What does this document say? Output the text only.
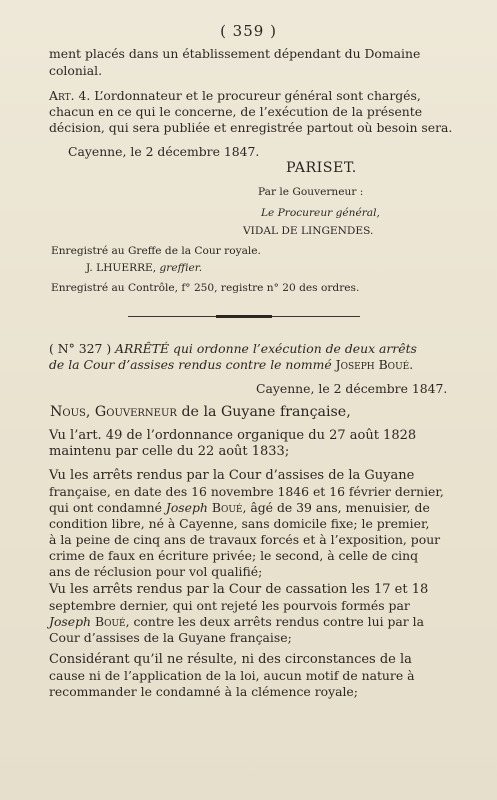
( 359 )
ment placés dans un établissement dépendant du Domaine
colonial.
Art. 4. L’ordonnateur et le procureur général sont chargés,
chacun en ce qui le concerne, de l’exécution de la présente
décision, qui sera publiée et enregistrée partout où besoin sera.
Cayenne, le 2 décembre 1847.
PARISET.
Par le Gouverneur :
Le Procureur général,
VIDAL DE LINGENDES.
Enregistré au Greffe de la Cour royale.
J. LHUERRE, greffier.
Enregistré au Contrôle, f° 250, registre n° 20 des ordres.
( N° 327 ) ARRÊTÉ qui ordonne l’exécution de deux arrêts
de la Cour d’assises rendus contre le nommé Joseph Boué.
Cayenne, le 2 décembre 1847.
Nous, Gouverneur de la Guyane française,
Vu l’art. 49 de l’ordonnance organique du 27 août 1828
maintenu par celle du 22 août 1833;
Vu les arrêts rendus par la Cour d’assises de la Guyane
française, en date des 16 novembre 1846 et 16 février dernier,
qui ont condamné Joseph Boué, âgé de 39 ans, menuisier, de
condition libre, né à Cayenne, sans domicile fixe; le premier,
à la peine de cinq ans de travaux forcés et à l’exposition, pour
crime de faux en écriture privée; le second, à celle de cinq
ans de réclusion pour vol qualifié;
Vu les arrêts rendus par la Cour de cassation les 17 et 18
septembre dernier, qui ont rejeté les pourvois formés par
Joseph Boué, contre les deux arrêts rendus contre lui par la
Cour d’assises de la Guyane française;
Considérant qu’il ne résulte, ni des circonstances de la
cause ni de l’application de la loi, aucun motif de nature à
recommander le condamné à la clémence royale;
